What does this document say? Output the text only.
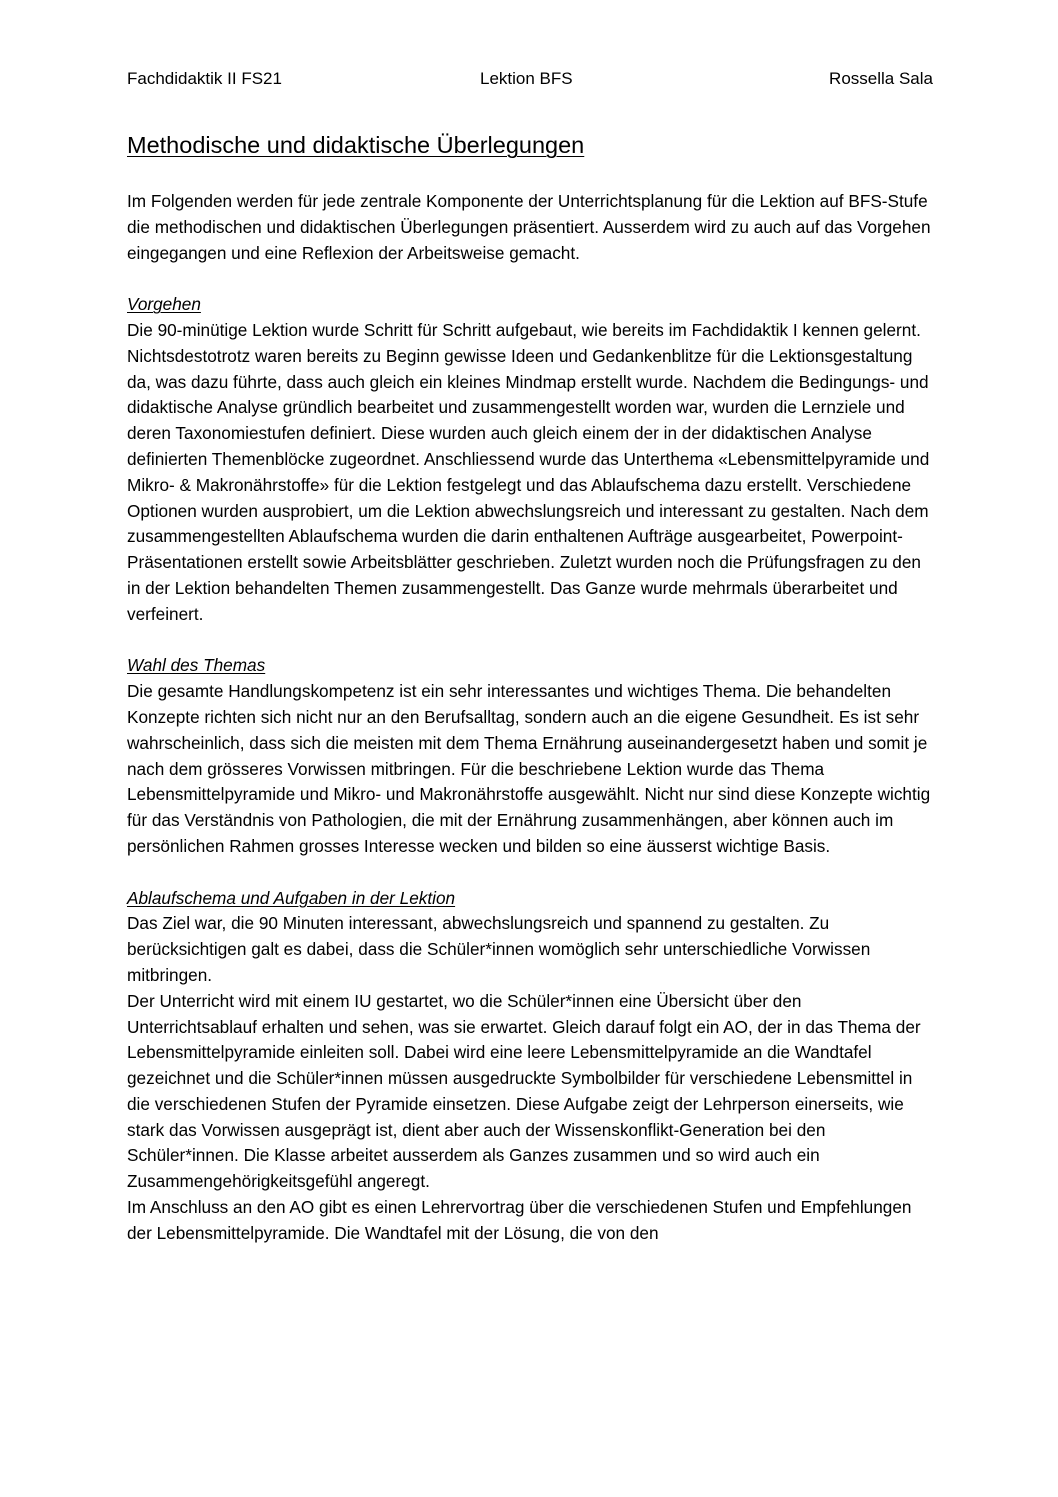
Fachdidaktik II FS21	Lektion BFS	Rossella Sala
Methodische und didaktische Überlegungen

Im Folgenden werden für jede zentrale Komponente der Unterrichtsplanung für die Lektion auf BFS-Stufe die methodischen und didaktischen Überlegungen präsentiert. Ausserdem wird zu auch auf das Vorgehen eingegangen und eine Reflexion der Arbeitsweise gemacht.

Vorgehen

Die 90-minütige Lektion wurde Schritt für Schritt aufgebaut, wie bereits im Fachdidaktik I kennen gelernt. Nichtsdestotrotz waren bereits zu Beginn gewisse Ideen und Gedankenblitze für die Lektionsgestaltung da, was dazu führte, dass auch gleich ein kleines Mindmap erstellt wurde. Nachdem die Bedingungs- und didaktische Analyse gründlich bearbeitet und zusammengestellt worden war, wurden die Lernziele und deren Taxonomiestufen definiert. Diese wurden auch gleich einem der in der didaktischen Analyse definierten Themenblöcke zugeordnet. Anschliessend wurde das Unterthema «Lebensmittelpyramide und Mikro- & Makronährstoffe» für die Lektion festgelegt und das Ablaufschema dazu erstellt. Verschiedene Optionen wurden ausprobiert, um die Lektion abwechslungsreich und interessant zu gestalten. Nach dem zusammengestellten Ablaufschema wurden die darin enthaltenen Aufträge ausgearbeitet, Powerpoint-Präsentationen erstellt sowie Arbeitsblätter geschrieben. Zuletzt wurden noch die Prüfungsfragen zu den in der Lektion behandelten Themen zusammengestellt. Das Ganze wurde mehrmals überarbeitet und verfeinert.

Wahl des Themas

Die gesamte Handlungskompetenz ist ein sehr interessantes und wichtiges Thema. Die behandelten Konzepte richten sich nicht nur an den Berufsalltag, sondern auch an die eigene Gesundheit. Es ist sehr wahrscheinlich, dass sich die meisten mit dem Thema Ernährung auseinandergesetzt haben und somit je nach dem grösseres Vorwissen mitbringen. Für die beschriebene Lektion wurde das Thema Lebensmittelpyramide und Mikro- und Makronährstoffe ausgewählt. Nicht nur sind diese Konzepte wichtig für das Verständnis von Pathologien, die mit der Ernährung zusammenhängen, aber können auch im persönlichen Rahmen grosses Interesse wecken und bilden so eine äusserst wichtige Basis.

Ablaufschema und Aufgaben in der Lektion

Das Ziel war, die 90 Minuten interessant, abwechslungsreich und spannend zu gestalten. Zu berücksichtigen galt es dabei, dass die Schüler*innen womöglich sehr unterschiedliche Vorwissen mitbringen.

Der Unterricht wird mit einem IU gestartet, wo die Schüler*innen eine Übersicht über den Unterrichtsablauf erhalten und sehen, was sie erwartet. Gleich darauf folgt ein AO, der in das Thema der Lebensmittelpyramide einleiten soll. Dabei wird eine leere Lebensmittelpyramide an die Wandtafel gezeichnet und die Schüler*innen müssen ausgedruckte Symbolbilder für verschiedene Lebensmittel in die verschiedenen Stufen der Pyramide einsetzen. Diese Aufgabe zeigt der Lehrperson einerseits, wie stark das Vorwissen ausgeprägt ist, dient aber auch der Wissenskonflikt-Generation bei den Schüler*innen. Die Klasse arbeitet ausserdem als Ganzes zusammen und so wird auch ein Zusammengehörigkeitsgefühl angeregt.

Im Anschluss an den AO gibt es einen Lehrervortrag über die verschiedenen Stufen und Empfehlungen der Lebensmittelpyramide. Die Wandtafel mit der Lösung, die von den
